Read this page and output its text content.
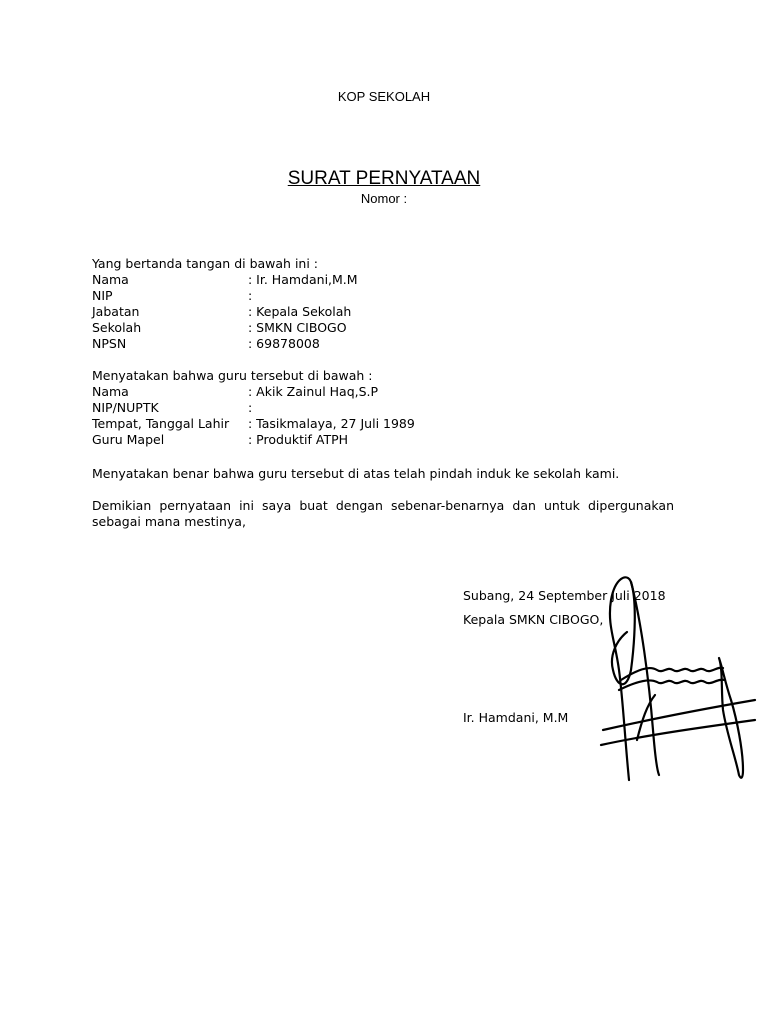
KOP SEKOLAH
SURAT PERNYATAAN
Nomor :
Yang bertanda tangan di bawah ini :
Nama	: Ir. Hamdani,M.M
NIP	:
Jabatan	: Kepala Sekolah
Sekolah	: SMKN CIBOGO
NPSN	: 69878008
Menyatakan bahwa guru tersebut di bawah :
Nama	: Akik Zainul Haq,S.P
NIP/NUPTK	:
Tempat, Tanggal Lahir : Tasikmalaya, 27 Juli 1989
Guru Mapel	: Produktif ATPH
Menyatakan benar bahwa guru tersebut di atas telah pindah induk ke sekolah kami.
Demikian pernyataan ini saya buat dengan sebenar-benarnya dan untuk dipergunakan sebagai mana mestinya,
Subang, 24 September Juli 2018
Kepala SMKN CIBOGO,
Ir. Hamdani, M.M
